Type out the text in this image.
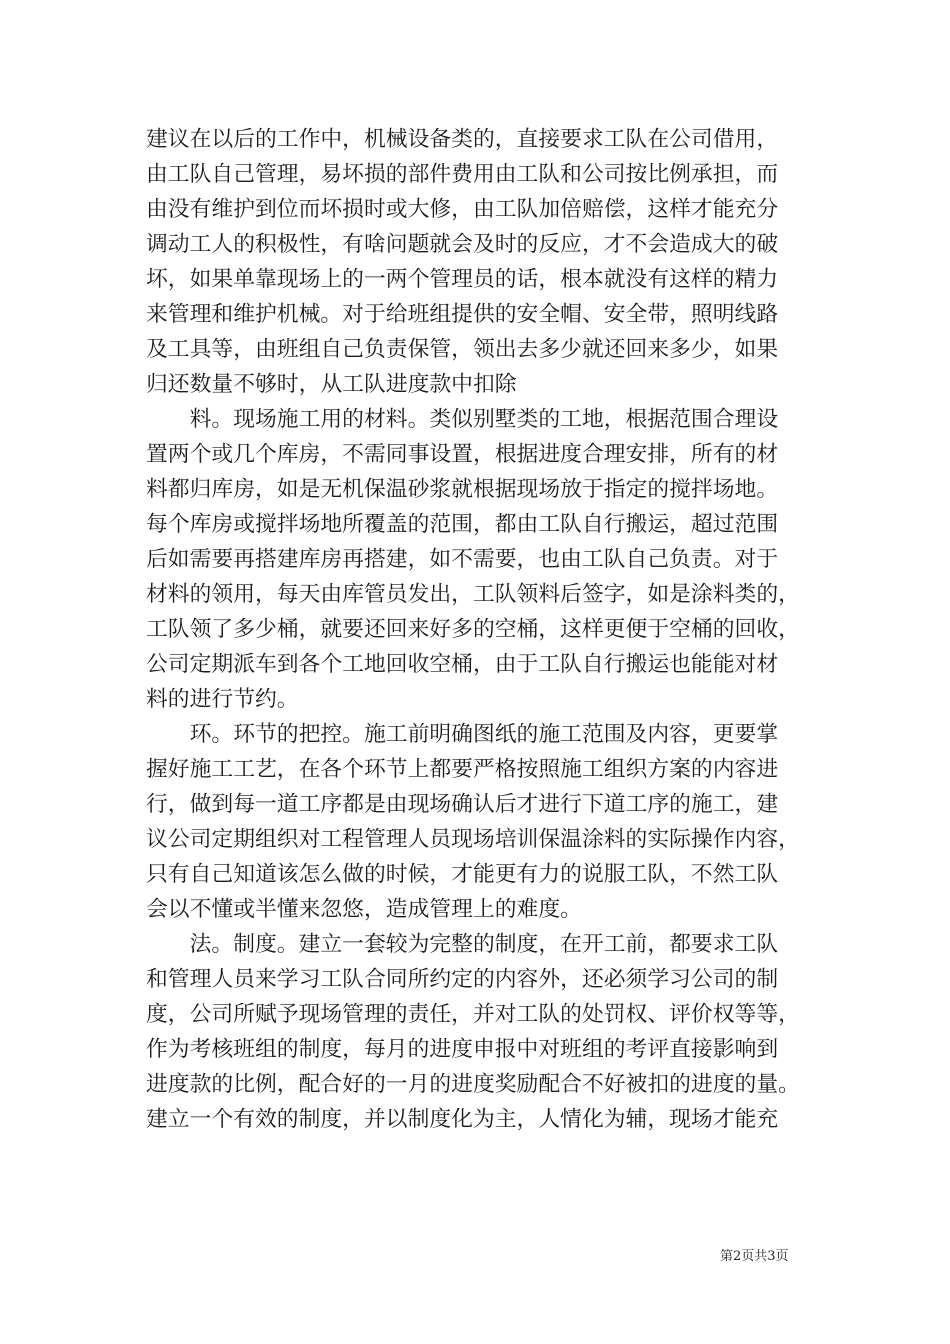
建议在以后的工作中，机械设备类的，直接要求工队在公司借用，
由工队自己管理，易坏损的部件费用由工队和公司按比例承担，而
由没有维护到位而坏损时或大修，由工队加倍赔偿，这样才能充分
调动工人的积极性，有啥问题就会及时的反应，才不会造成大的破
坏，如果单靠现场上的一两个管理员的话，根本就没有这样的精力
来管理和维护机械。对于给班组提供的安全帽、安全带，照明线路
及工具等，由班组自己负责保管，领出去多少就还回来多少，如果
归还数量不够时，从工队进度款中扣除
　　料。现场施工用的材料。类似别墅类的工地，根据范围合理设
置两个或几个库房，不需同事设置，根据进度合理安排，所有的材
料都归库房，如是无机保温砂浆就根据现场放于指定的搅拌场地。
每个库房或搅拌场地所覆盖的范围，都由工队自行搬运，超过范围
后如需要再搭建库房再搭建，如不需要，也由工队自己负责。对于
材料的领用，每天由库管员发出，工队领料后签字，如是涂料类的，
工队领了多少桶，就要还回来好多的空桶，这样更便于空桶的回收，
公司定期派车到各个工地回收空桶，由于工队自行搬运也能能对材
料的进行节约。
　　环。环节的把控。施工前明确图纸的施工范围及内容，更要掌
握好施工工艺，在各个环节上都要严格按照施工组织方案的内容进
行，做到每一道工序都是由现场确认后才进行下道工序的施工，建
议公司定期组织对工程管理人员现场培训保温涂料的实际操作内容，
只有自己知道该怎么做的时候，才能更有力的说服工队，不然工队
会以不懂或半懂来忽悠，造成管理上的难度。
　　法。制度。建立一套较为完整的制度，在开工前，都要求工队
和管理人员来学习工队合同所约定的内容外，还必须学习公司的制
度，公司所赋予现场管理的责任，并对工队的处罚权、评价权等等，
作为考核班组的制度，每月的进度申报中对班组的考评直接影响到
进度款的比例，配合好的一月的进度奖励配合不好被扣的进度的量。
建立一个有效的制度，并以制度化为主，人情化为辅，现场才能充
第2页共3页
